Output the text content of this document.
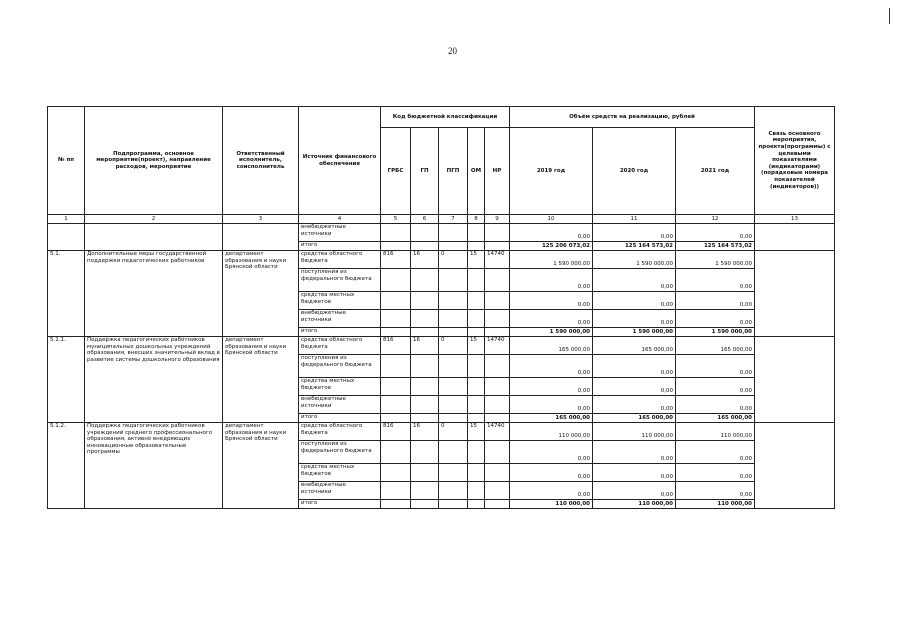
20
№ пп	Подпрограмма, основное мероприятие(проект), направление расходов, мероприятие	Ответственный исполнитель, соисполнитель	Источник финансового обеспечения	Код бюджетной классификации					Объём средств на реализацию, рублей			Связь основного мероприятия, проекта(программы) с целевыми показателями (индикаторами) (порядковые номера показателей (индикаторов))
				ГРБС	ГП	ПГП	ОМ	НР	2019 год	2020 год	2021 год	
1	2	3	4	5	6	7	8	9	10	11	12	13
			внебюджетные источники						0,00	0,00	0,00	
			итого						125 206 073,02	125 164 573,02	125 164 573,02	
5.1.	Дополнительные меры государственной поддержки педагогических работников	департамент образования и науки Брянской области	средства областного бюджета	816	16	0	15	14740	1 590 000,00	1 590 000,00	1 590 000,00	
			поступления из федерального бюджета						0,00	0,00	0,00	
			средства местных бюджетов						0,00	0,00	0,00	
			внебюджетные источники						0,00	0,00	0,00	
			итого						1 590 000,00	1 590 000,00	1 590 000,00	
5.1.1.	Поддержка педагогических работников муниципальных дошкольных учреждений образования, внесших значительный вклад в развитие системы дошкольного образования	департамент образования и науки Брянской области	средства областного бюджета	816	16	0	15	14740	165 000,00	165 000,00	165 000,00	
			поступления из федерального бюджета						0,00	0,00	0,00	
			средства местных бюджетов						0,00	0,00	0,00	
			внебюджетные источники						0,00	0,00	0,00	
			итого						165 000,00	165 000,00	165 000,00	
5.1.2.	Поддержка педагогических работников учреждений среднего профессионального образования, активно внедряющих инновационные образовательные программы	департамент образования и науки Брянской области	средства областного бюджета	816	16	0	15	14740	110 000,00	110 000,00	110 000,00	
			поступления из федерального бюджета						0,00	0,00	0,00	
			средства местных бюджетов						0,00	0,00	0,00	
			внебюджетные источники						0,00	0,00	0,00	
			итого						110 000,00	110 000,00	110 000,00	
